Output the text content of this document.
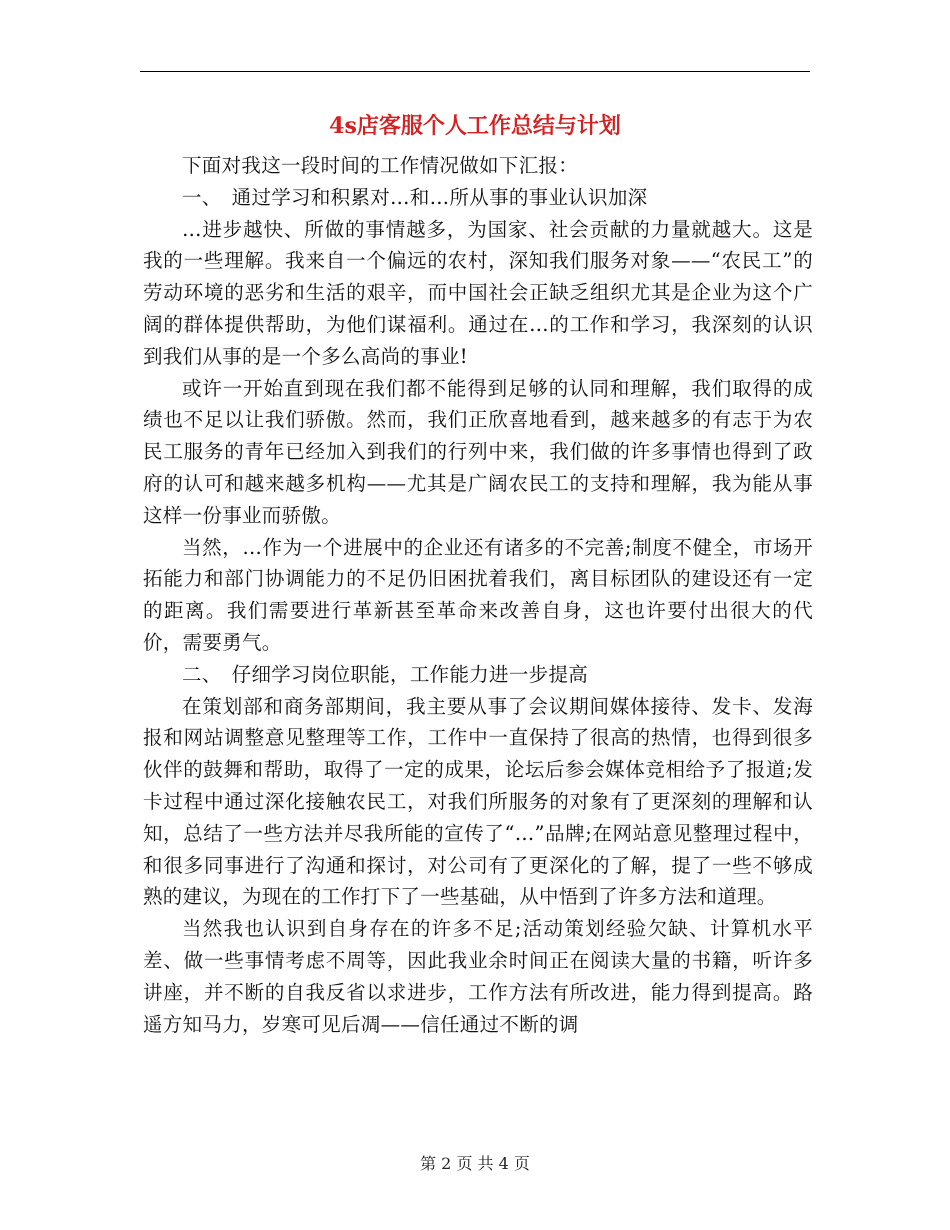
4s店客服个人工作总结与计划

下面对我这一段时间的工作情况做如下汇报：

一、　通过学习和积累对…和…所从事的事业认识加深

…进步越快、所做的事情越多，为国家、社会贡献的力量就越大。这是我的一些理解。我来自一个偏远的农村，深知我们服务对象——“农民工”的劳动环境的恶劣和生活的艰辛，而中国社会正缺乏组织尤其是企业为这个广阔的群体提供帮助，为他们谋福利。通过在...的工作和学习，我深刻的认识到我们从事的是一个多么高尚的事业!

或许一开始直到现在我们都不能得到足够的认同和理解，我们取得的成绩也不足以让我们骄傲。然而，我们正欣喜地看到，越来越多的有志于为农民工服务的青年已经加入到我们的行列中来，我们做的许多事情也得到了政府的认可和越来越多机构——尤其是广阔农民工的支持和理解，我为能从事这样一份事业而骄傲。

当然，…作为一个进展中的企业还有诸多的不完善;制度不健全，市场开拓能力和部门协调能力的不足仍旧困扰着我们，离目标团队的建设还有一定的距离。我们需要进行革新甚至革命来改善自身，这也许要付出很大的代价，需要勇气。

二、　仔细学习岗位职能，工作能力进一步提高

在策划部和商务部期间，我主要从事了会议期间媒体接待、发卡、发海报和网站调整意见整理等工作，工作中一直保持了很高的热情，也得到很多伙伴的鼓舞和帮助，取得了一定的成果，论坛后参会媒体竞相给予了报道;发卡过程中通过深化接触农民工，对我们所服务的对象有了更深刻的理解和认知，总结了一些方法并尽我所能的宣传了“…”品牌;在网站意见整理过程中，和很多同事进行了沟通和探讨，对公司有了更深化的了解，提了一些不够成熟的建议，为现在的工作打下了一些基础，从中悟到了许多方法和道理。

当然我也认识到自身存在的许多不足;活动策划经验欠缺、计算机水平差、做一些事情考虑不周等，因此我业余时间正在阅读大量的书籍，听许多讲座，并不断的自我反省以求进步，工作方法有所改进，能力得到提高。路遥方知马力，岁寒可见后凋——信任通过不断的调

第 2 页 共 4 页
